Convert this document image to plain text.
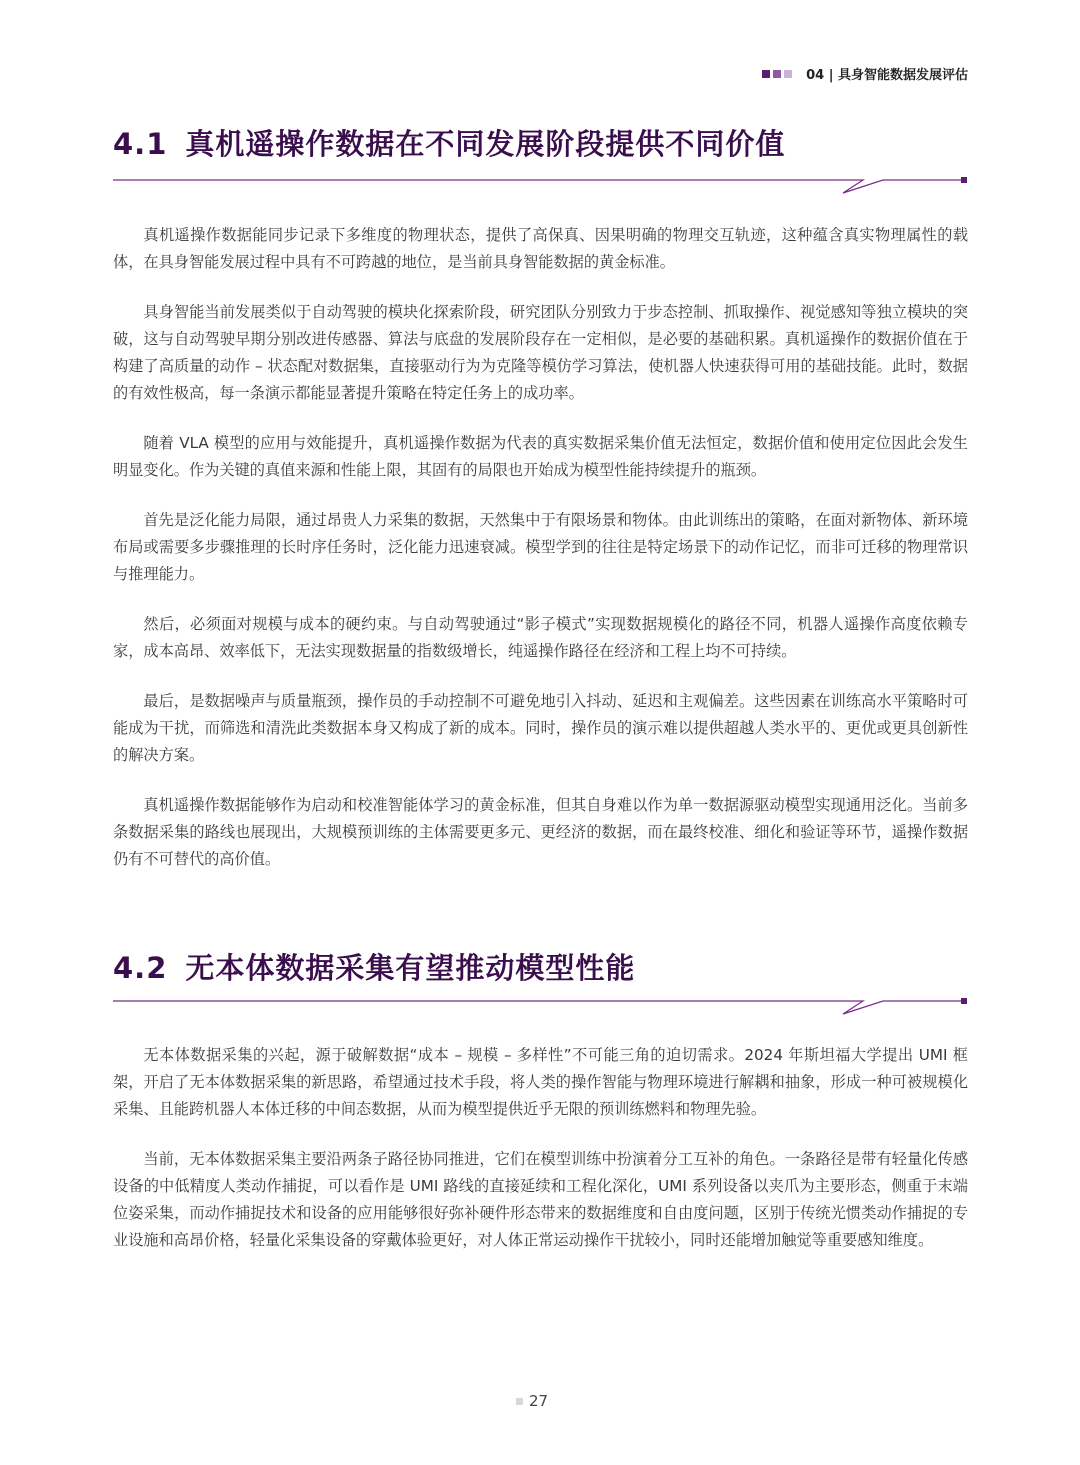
04 | 具身智能数据发展评估
4.1 真机遥操作数据在不同发展阶段提供不同价值

真机遥操作数据能同步记录下多维度的物理状态，提供了高保真、因果明确的物理交互轨迹，这种蕴含真实物理属性的载体，在具身智能发展过程中具有不可跨越的地位，是当前具身智能数据的黄金标准。

具身智能当前发展类似于自动驾驶的模块化探索阶段，研究团队分别致力于步态控制、抓取操作、视觉感知等独立模块的突破，这与自动驾驶早期分别改进传感器、算法与底盘的发展阶段存在一定相似，是必要的基础积累。真机遥操作的数据价值在于构建了高质量的动作 – 状态配对数据集，直接驱动行为为克隆等模仿学习算法，使机器人快速获得可用的基础技能。此时，数据的有效性极高，每一条演示都能显著提升策略在特定任务上的成功率。

随着 VLA 模型的应用与效能提升，真机遥操作数据为代表的真实数据采集价值无法恒定，数据价值和使用定位因此会发生明显变化。作为关键的真值来源和性能上限，其固有的局限也开始成为模型性能持续提升的瓶颈。

首先是泛化能力局限，通过昂贵人力采集的数据，天然集中于有限场景和物体。由此训练出的策略，在面对新物体、新环境布局或需要多步骤推理的长时序任务时，泛化能力迅速衰减。模型学到的往往是特定场景下的动作记忆，而非可迁移的物理常识与推理能力。

然后，必须面对规模与成本的硬约束。与自动驾驶通过“影子模式”实现数据规模化的路径不同，机器人遥操作高度依赖专家，成本高昂、效率低下，无法实现数据量的指数级增长，纯遥操作路径在经济和工程上均不可持续。

最后，是数据噪声与质量瓶颈，操作员的手动控制不可避免地引入抖动、延迟和主观偏差。这些因素在训练高水平策略时可能成为干扰，而筛选和清洗此类数据本身又构成了新的成本。同时，操作员的演示难以提供超越人类水平的、更优或更具创新性的解决方案。

真机遥操作数据能够作为启动和校准智能体学习的黄金标准，但其自身难以作为单一数据源驱动模型实现通用泛化。当前多条数据采集的路线也展现出，大规模预训练的主体需要更多元、更经济的数据，而在最终校准、细化和验证等环节，遥操作数据仍有不可替代的高价值。

4.2 无本体数据采集有望推动模型性能

无本体数据采集的兴起，源于破解数据“成本 – 规模 – 多样性”不可能三角的迫切需求。2024 年斯坦福大学提出 UMI 框架，开启了无本体数据采集的新思路，希望通过技术手段，将人类的操作智能与物理环境进行解耦和抽象，形成一种可被规模化采集、且能跨机器人本体迁移的中间态数据，从而为模型提供近乎无限的预训练燃料和物理先验。

当前，无本体数据采集主要沿两条子路径协同推进，它们在模型训练中扮演着分工互补的角色。一条路径是带有轻量化传感设备的中低精度人类动作捕捉，可以看作是 UMI 路线的直接延续和工程化深化，UMI 系列设备以夹爪为主要形态，侧重于末端位姿采集，而动作捕捉技术和设备的应用能够很好弥补硬件形态带来的数据维度和自由度问题，区别于传统光惯类动作捕捉的专业设施和高昂价格，轻量化采集设备的穿戴体验更好，对人体正常运动操作干扰较小，同时还能增加触觉等重要感知维度。

27
